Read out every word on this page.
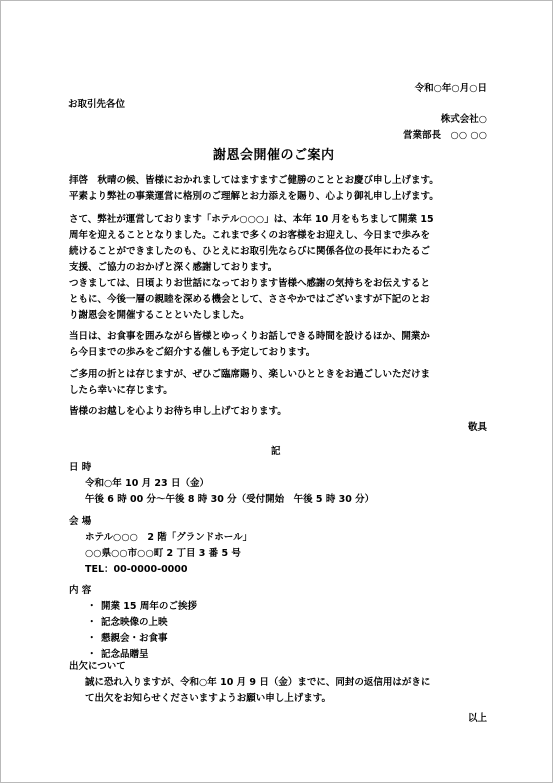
令和○年○月○日
お取引先各位
株式会社○
営業部長　○○ ○○
謝恩会開催のご案内

拝啓　秋晴の候、皆様におかれましてはますますご健勝のこととお慶び申し上げます。

平素より弊社の事業運営に格別のご理解とお力添えを賜り、心より御礼申し上げます。

さて、弊社が運営しております「ホテル○○○」は、本年 10 月をもちまして開業 15

周年を迎えることとなりました。これまで多くのお客様をお迎えし、今日まで歩みを

続けることができましたのも、ひとえにお取引先ならびに関係各位の長年にわたるご

支援、ご協力のおかげと深く感謝しております。

つきましては、日頃よりお世話になっております皆様へ感謝の気持ちをお伝えすると

ともに、今後一層の親睦を深める機会として、ささやかではございますが下記のとお

り謝恩会を開催することといたしました。

当日は、お食事を囲みながら皆様とゆっくりお話しできる時間を設けるほか、開業か

ら今日までの歩みをご紹介する催しも予定しております。

ご多用の折とは存じますが、ぜひご臨席賜り、楽しいひとときをお過ごしいただけま

したら幸いに存じます。

皆様のお越しを心よりお待ち申し上げております。
敬具
記
日 時
令和○年 10 月 23 日（金）
午後 6 時 00 分～午後 8 時 30 分（受付開始　午後 5 時 30 分）
会 場
ホテル○○○　2 階「グランドホール」
○○県○○市○○町 2 丁目 3 番 5 号
TEL：00-0000-0000
内 容
・ 開業 15 周年のご挨拶
・ 記念映像の上映
・ 懇親会・お食事
・ 記念品贈呈
出欠について
誠に恐れ入りますが、令和○年 10 月 9 日（金）までに、同封の返信用はがきに
て出欠をお知らせくださいますようお願い申し上げます。
以上
